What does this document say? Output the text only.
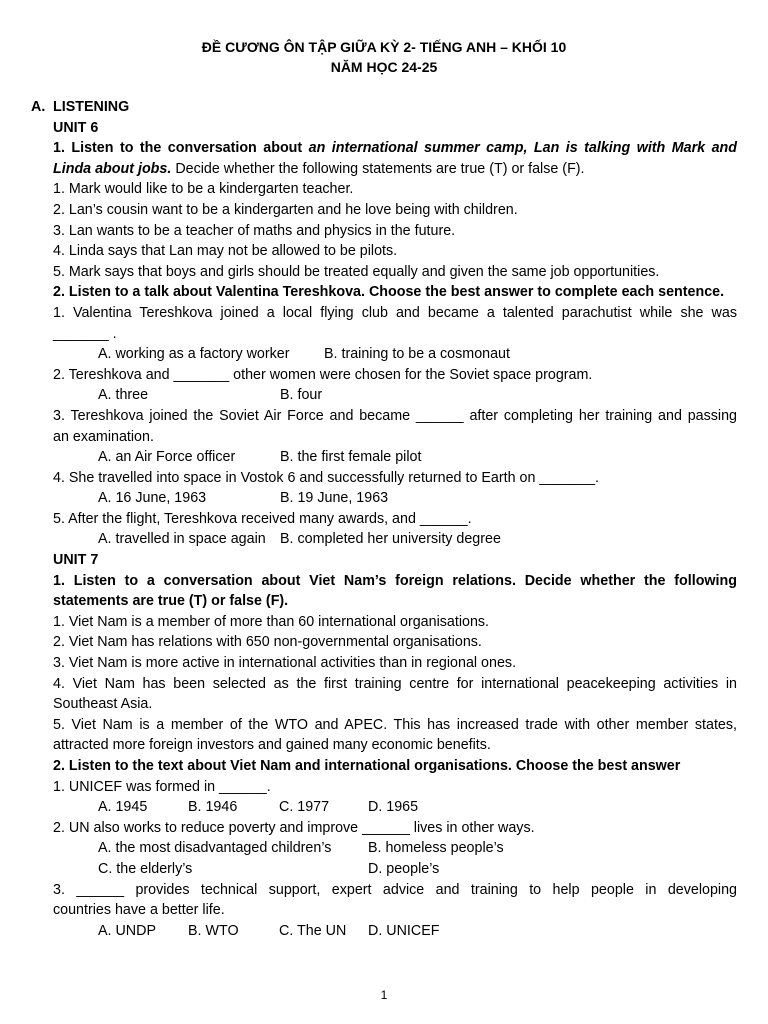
ĐỀ CƯƠNG ÔN TẬP GIỮA KỲ 2- TIẾNG ANH – KHỐI 10
NĂM HỌC 24-25
A. LISTENING
UNIT 6
1. Listen to the conversation about an international summer camp, Lan is talking with Mark and
Linda about jobs. Decide whether the following statements are true (T) or false (F).
1. Mark would like to be a kindergarten teacher.
2. Lan’s cousin want to be a kindergarten and he love being with children.
3. Lan wants to be a teacher of maths and physics in the future.
4. Linda says that Lan may not be allowed to be pilots.
5. Mark says that boys and girls should be treated equally and given the same job opportunities.
2. Listen to a talk about Valentina Tereshkova. Choose the best answer to complete each sentence.
1. Valentina Tereshkova joined a local flying club and became a talented parachutist while she was
_______ .
A. working as a factory worker	B. training to be a cosmonaut
2. Tereshkova and _______ other women were chosen for the Soviet space program.
A. three	B. four
3. Tereshkova joined the Soviet Air Force and became ______ after completing her training and passing
an examination.
A. an Air Force officer	B. the first female pilot
4. She travelled into space in Vostok 6 and successfully returned to Earth on _______.
A. 16 June, 1963	B. 19 June, 1963
5. After the flight, Tereshkova received many awards, and ______.
A. travelled in space again B. completed her university degree
UNIT 7
1. Listen to a conversation about Viet Nam’s foreign relations. Decide whether the following
statements are true (T) or false (F).
1. Viet Nam is a member of more than 60 international organisations.
2. Viet Nam has relations with 650 non-governmental organisations.
3. Viet Nam is more active in international activities than in regional ones.
4. Viet Nam has been selected as the first training centre for international peacekeeping activities in
Southeast Asia.
5. Viet Nam is a member of the WTO and APEC. This has increased trade with other member states,
attracted more foreign investors and gained many economic benefits.
2. Listen to the text about Viet Nam and international organisations. Choose the best answer
1. UNICEF was formed in ______.
A. 1945	B. 1946	C. 1977	D. 1965
2. UN also works to reduce poverty and improve ______ lives in other ways.
A. the most disadvantaged children’s	B. homeless people’s
C. the elderly’s	D. people’s
3. ______ provides technical support, expert advice and training to help people in developing
countries have a better life.
A. UNDP	B. WTO	C. The UN	D. UNICEF
1
